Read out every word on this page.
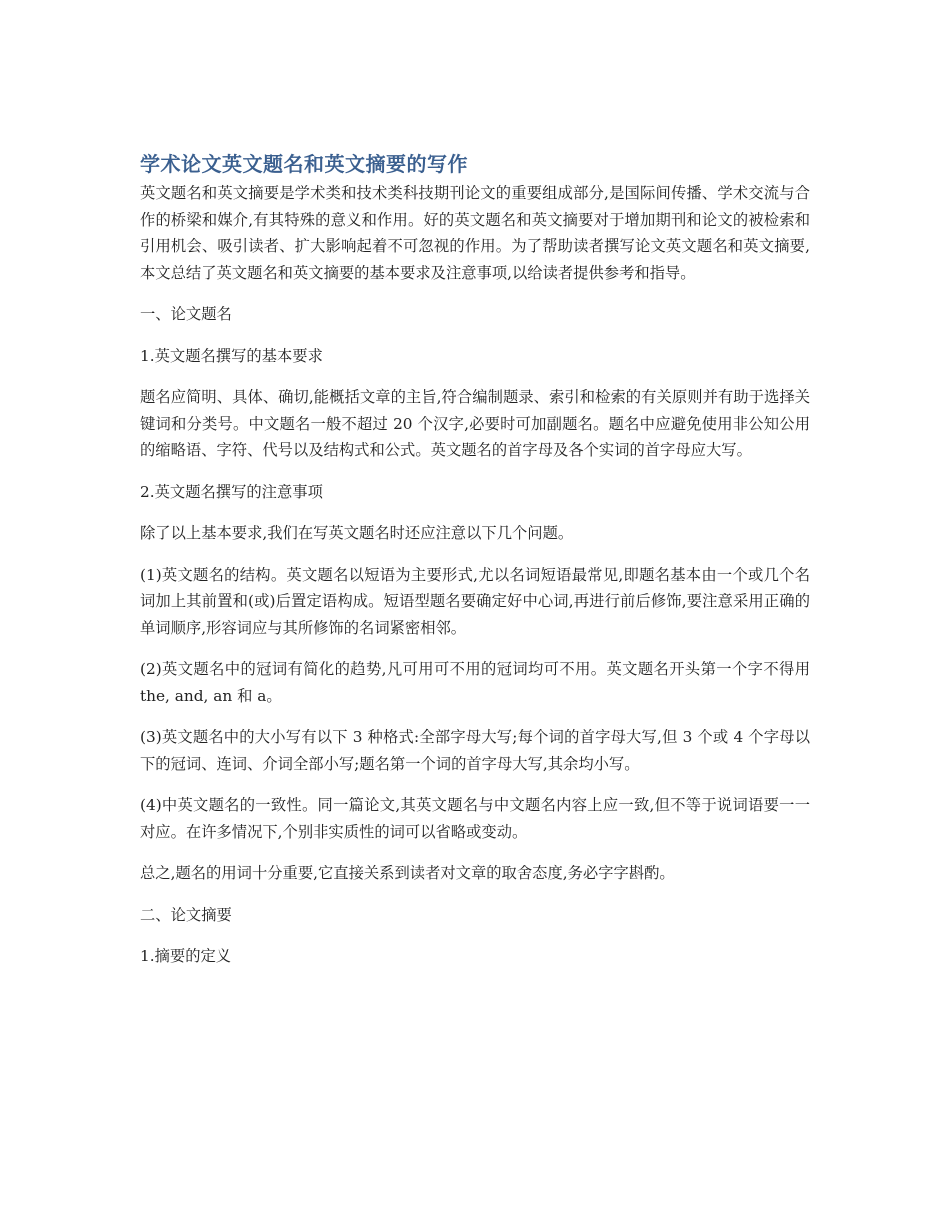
学术论文英文题名和英文摘要的写作

英文题名和英文摘要是学术类和技术类科技期刊论文的重要组成部分,是国际间传播、学术交流与合作的桥梁和媒介,有其特殊的意义和作用。好的英文题名和英文摘要对于增加期刊和论文的被检索和引用机会、吸引读者、扩大影响起着不可忽视的作用。为了帮助读者撰写论文英文题名和英文摘要,本文总结了英文题名和英文摘要的基本要求及注意事项,以给读者提供参考和指导。

一、论文题名

1.英文题名撰写的基本要求

题名应简明、具体、确切,能概括文章的主旨,符合编制题录、索引和检索的有关原则并有助于选择关键词和分类号。中文题名一般不超过 20 个汉字,必要时可加副题名。题名中应避免使用非公知公用的缩略语、字符、代号以及结构式和公式。英文题名的首字母及各个实词的首字母应大写。

2.英文题名撰写的注意事项

除了以上基本要求,我们在写英文题名时还应注意以下几个问题。

(1)英文题名的结构。英文题名以短语为主要形式,尤以名词短语最常见,即题名基本由一个或几个名词加上其前置和(或)后置定语构成。短语型题名要确定好中心词,再进行前后修饰,要注意采用正确的单词顺序,形容词应与其所修饰的名词紧密相邻。

(2)英文题名中的冠词有简化的趋势,凡可用可不用的冠词均可不用。英文题名开头第一个字不得用 the, and, an 和 a。

(3)英文题名中的大小写有以下 3 种格式:全部字母大写;每个词的首字母大写,但 3 个或 4 个字母以下的冠词、连词、介词全部小写;题名第一个词的首字母大写,其余均小写。

(4)中英文题名的一致性。同一篇论文,其英文题名与中文题名内容上应一致,但不等于说词语要一一对应。在许多情况下,个别非实质性的词可以省略或变动。

总之,题名的用词十分重要,它直接关系到读者对文章的取舍态度,务必字字斟酌。

二、论文摘要

1.摘要的定义
